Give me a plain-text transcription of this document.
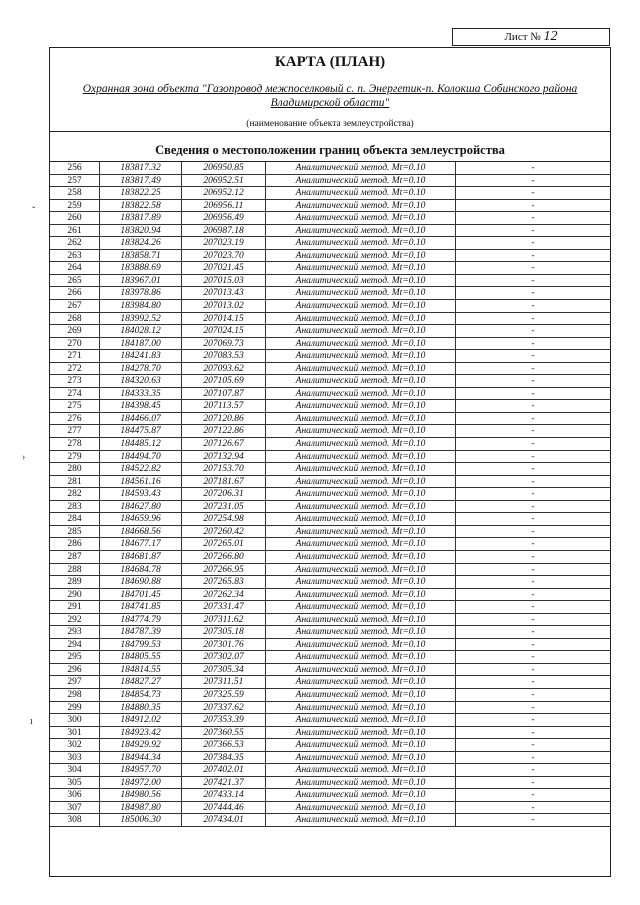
Лист № 12
КАРТА (ПЛАН)
Охранная зона объекта "Газопровод межпоселковый с. п. Энергетик-п. Колокша Собинского района Владимирской области"
(наименование объекта землеустройства)
Сведения о местоположении границ объекта землеустройства
256	183817.32	206950.85	Аналитический метод. Mt=0.10	-
257	183817.49	206952.51	Аналитический метод. Mt=0.10	-
258	183822.25	206952.12	Аналитический метод. Mt=0.10	-
259	183822.58	206956.11	Аналитический метод. Mt=0.10	-
260	183817.89	206956.49	Аналитический метод. Mt=0.10	-
261	183820.94	206987.18	Аналитический метод. Mt=0.10	-
262	183824.26	207023.19	Аналитический метод. Mt=0.10	-
263	183858.71	207023.70	Аналитический метод. Mt=0.10	-
264	183888.69	207021.45	Аналитический метод. Mt=0.10	-
265	183967.01	207015.03	Аналитический метод. Mt=0.10	-
266	183978.86	207013.43	Аналитический метод. Mt=0.10	-
267	183984.80	207013.02	Аналитический метод. Mt=0.10	-
268	183992.52	207014.15	Аналитический метод. Mt=0.10	-
269	184028.12	207024.15	Аналитический метод. Mt=0.10	-
270	184187.00	207069.73	Аналитический метод. Mt=0.10	-
271	184241.83	207083.53	Аналитический метод. Mt=0.10	-
272	184278.70	207093.62	Аналитический метод. Mt=0.10	-
273	184320.63	207105.69	Аналитический метод. Mt=0.10	-
274	184333.35	207107.87	Аналитический метод. Mt=0.10	-
275	184398.45	207113.57	Аналитический метод. Mt=0.10	-
276	184466.07	207120.86	Аналитический метод. Mt=0.10	-
277	184475.87	207122.86	Аналитический метод. Mt=0.10	-
278	184485.12	207126.67	Аналитический метод. Mt=0.10	-
279	184494.70	207132.94	Аналитический метод. Mt=0.10	-
280	184522.82	207153.70	Аналитический метод. Mt=0.10	-
281	184561.16	207181.67	Аналитический метод. Mt=0.10	-
282	184593.43	207206.31	Аналитический метод. Mt=0.10	-
283	184627.80	207231.05	Аналитический метод. Mt=0.10	-
284	184659.96	207254.98	Аналитический метод. Mt=0.10	-
285	184668.56	207260.42	Аналитический метод. Mt=0.10	-
286	184677.17	207265.01	Аналитический метод. Mt=0.10	-
287	184681.87	207266.80	Аналитический метод. Mt=0.10	-
288	184684.78	207266.95	Аналитический метод. Mt=0.10	-
289	184690.88	207265.83	Аналитический метод. Mt=0.10	-
290	184701.45	207262.34	Аналитический метод. Mt=0.10	-
291	184741.85	207331.47	Аналитический метод. Mt=0.10	-
292	184774.79	207311.62	Аналитический метод. Mt=0.10	-
293	184787.39	207305.18	Аналитический метод. Mt=0.10	-
294	184799.53	207301.76	Аналитический метод. Mt=0.10	-
295	184805.55	207302.07	Аналитический метод. Mt=0.10	-
296	184814.55	207305.34	Аналитический метод. Mt=0.10	-
297	184827.27	207311.51	Аналитический метод. Mt=0.10	-
298	184854.73	207325.59	Аналитический метод. Mt=0.10	-
299	184880.35	207337.62	Аналитический метод. Mt=0.10	-
300	184912.02	207353.39	Аналитический метод. Mt=0.10	-
301	184923.42	207360.55	Аналитический метод. Mt=0.10	-
302	184929.92	207366.53	Аналитический метод. Mt=0.10	-
303	184944.34	207384.35	Аналитический метод. Mt=0.10	-
304	184957.70	207402.01	Аналитический метод. Mt=0.10	-
305	184972.00	207421.37	Аналитический метод. Mt=0.10	-
306	184980.56	207433.14	Аналитический метод. Mt=0.10	-
307	184987.80	207444.46	Аналитический метод. Mt=0.10	-
308	185006.30	207434.01	Аналитический метод. Mt=0.10	-
ˇ
›
ı
